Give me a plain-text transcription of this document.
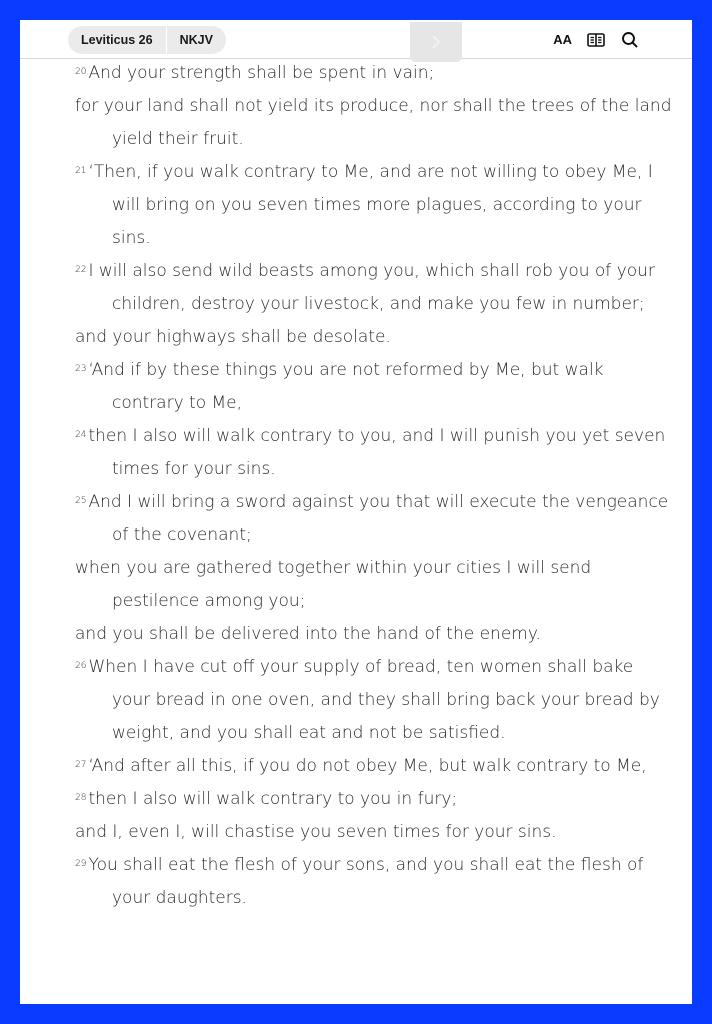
Leviticus 26	NKJV	AA

$^{20}$ And your strength shall be spent in vain;

for your land shall not yield its produce, nor shall the trees of the land yield their fruit.

$^{21}$ ‘Then, if you walk contrary to Me, and are not willing to obey Me, I will bring on you seven times more plagues, according to your sins.

$^{22}$ I will also send wild beasts among you, which shall rob you of your children, destroy your livestock, and make you few in number;

and your highways shall be desolate.

$^{23}$ ‘And if by these things you are not reformed by Me, but walk contrary to Me,

$^{24}$ then I also will walk contrary to you, and I will punish you yet seven times for your sins.

$^{25}$ And I will bring a sword against you that will execute the vengeance of the covenant;

when you are gathered together within your cities I will send pestilence among you;

and you shall be delivered into the hand of the enemy.

$^{26}$ When I have cut off your supply of bread, ten women shall bake your bread in one oven, and they shall bring back your bread by weight, and you shall eat and not be satisfied.

$^{27}$ ‘And after all this, if you do not obey Me, but walk contrary to Me,

$^{28}$ then I also will walk contrary to you in fury;

and I, even I, will chastise you seven times for your sins.

$^{29}$ You shall eat the flesh of your sons, and you shall eat the flesh of your daughters.
